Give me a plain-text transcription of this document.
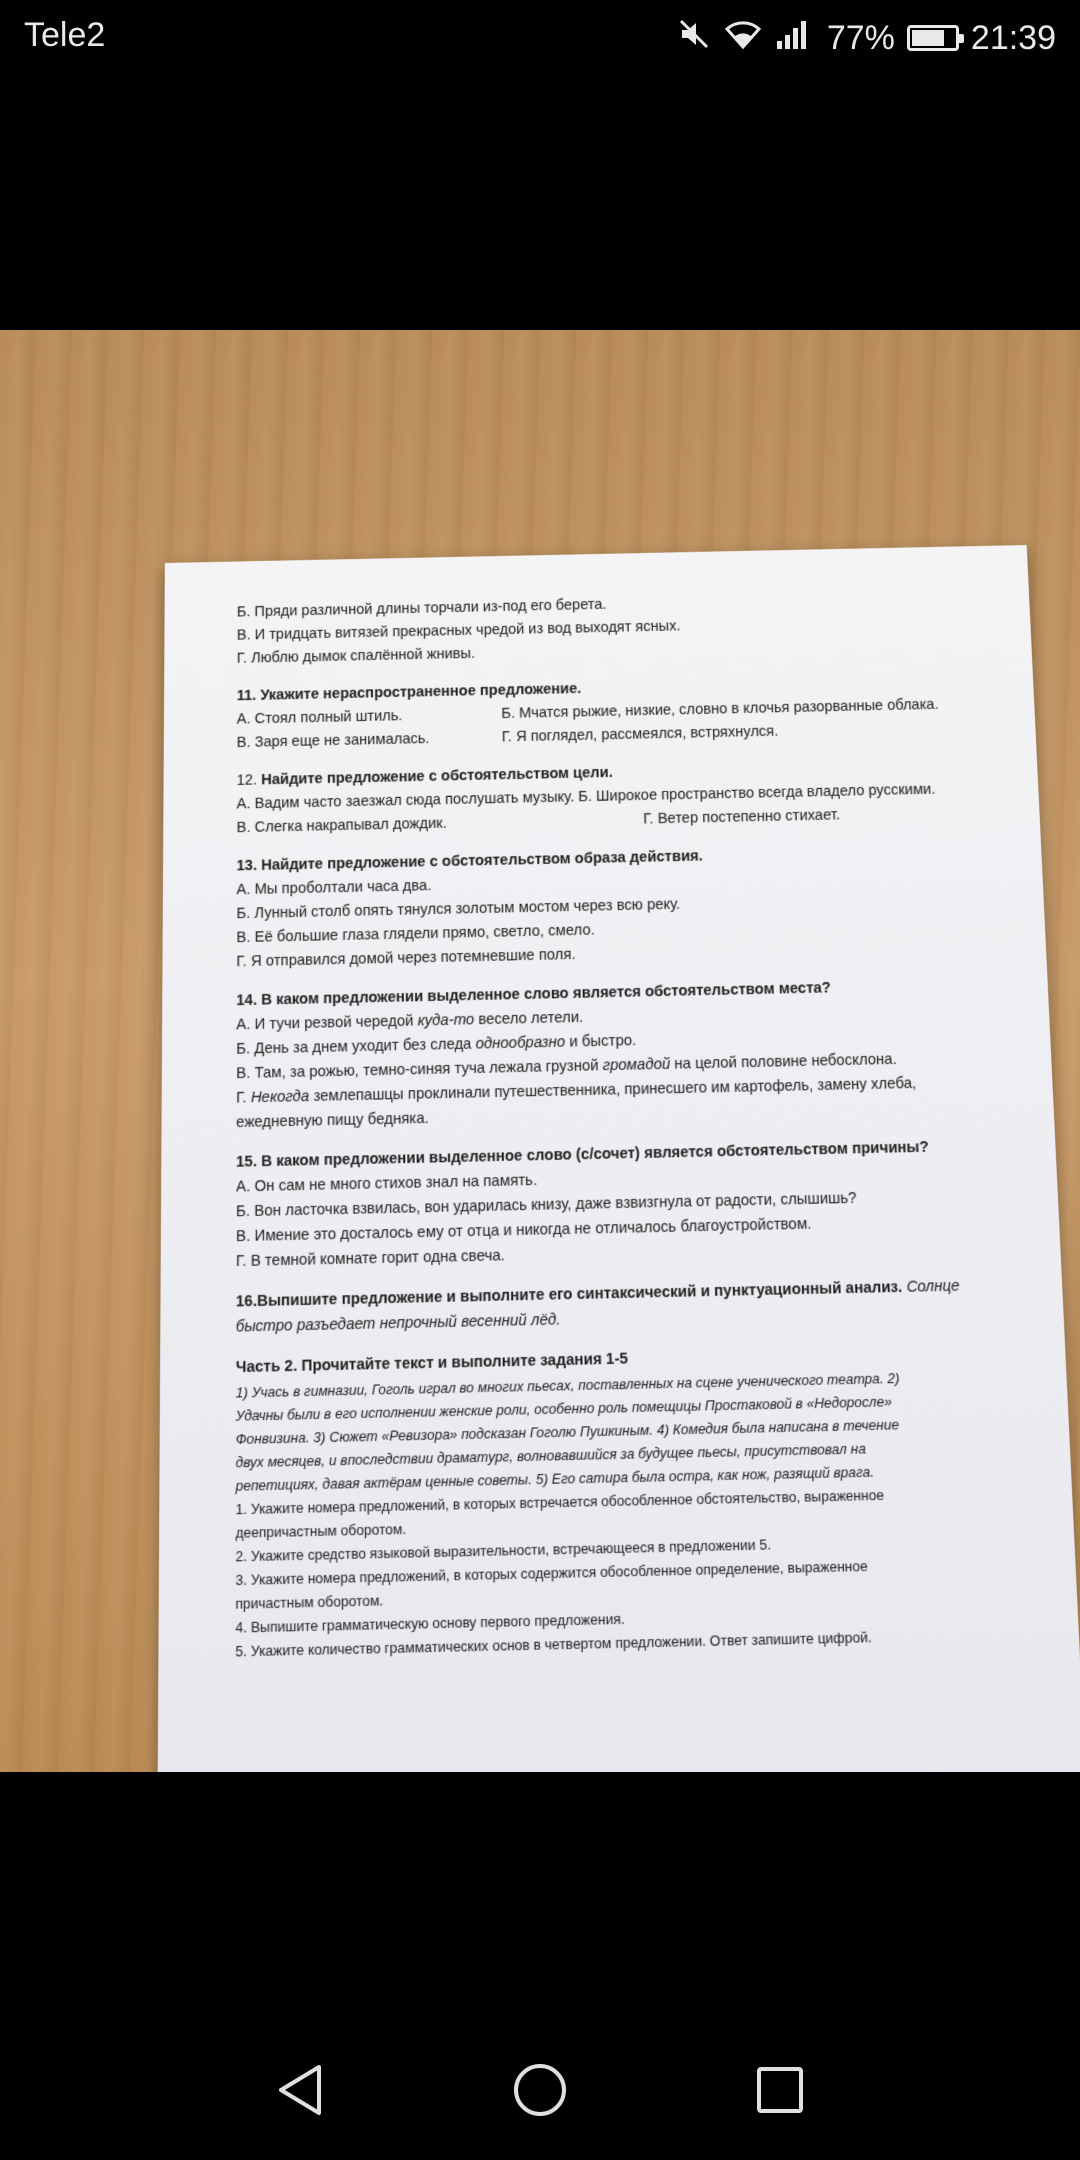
Tele2	77% 21:39
Б. Пряди различной длины торчали из-под его берета.
В. И тридцать витязей прекрасных чредой из вод выходят ясных.
Г. Люблю дымок спалённой жнивы.
11. Укажите нераспространенное предложение.
А. Стоял полный штиль.	Б. Мчатся рыжие, низкие, словно в клочья разорванные облака.
В. Заря еще не занималась.	Г. Я поглядел, рассмеялся, встряхнулся.
12. Найдите предложение с обстоятельством цели.
А. Вадим часто заезжал сюда послушать музыку. Б. Широкое пространство всегда владело русскими.
В. Слегка накрапывал дождик.	Г. Ветер постепенно стихает.
13. Найдите предложение с обстоятельством образа действия.
А. Мы проболтали часа два.
Б. Лунный столб опять тянулся золотым мостом через всю реку.
В. Её большие глаза глядели прямо, светло, смело.
Г. Я отправился домой через потемневшие поля.
14. В каком предложении выделенное слово является обстоятельством места?
А. И тучи резвой чередой куда-то весело летели.
Б. День за днем уходит без следа однообразно и быстро.
В. Там, за рожью, темно-синяя туча лежала грузной громадой на целой половине небосклона.
Г. Некогда землепашцы проклинали путешественника, принесшего им картофель, замену хлеба,
ежедневную пищу бедняка.
15. В каком предложении выделенное слово (с/сочет) является обстоятельством причины?
А. Он сам не много стихов знал на память.
Б. Вон ласточка взвилась, вон ударилась книзу, даже взвизгнула от радости, слышишь?
В. Имение это досталось ему от отца и никогда не отличалось благоустройством.
Г. В темной комнате горит одна свеча.
16.Выпишите предложение и выполните его синтаксический и пунктуационный анализ. Солнце
быстро разъедает непрочный весенний лёд.
Часть 2. Прочитайте текст и выполните задания 1-5
1) Учась в гимназии, Гоголь играл во многих пьесах, поставленных на сцене ученического театра. 2)
Удачны были в его исполнении женские роли, особенно роль помещицы Простаковой в «Недоросле»
Фонвизина. 3) Сюжет «Ревизора» подсказан Гоголю Пушкиным. 4) Комедия была написана в течение
двух месяцев, и впоследствии драматург, волновавшийся за будущее пьесы, присутствовал на
репетициях, давая актёрам ценные советы. 5) Его сатира была остра, как нож, разящий врага.
1. Укажите номера предложений, в которых встречается обособленное обстоятельство, выраженное
деепричастным оборотом.
2. Укажите средство языковой выразительности, встречающееся в предложении 5.
3. Укажите номера предложений, в которых содержится обособленное определение, выраженное
причастным оборотом.
4. Выпишите грамматическую основу первого предложения.
5. Укажите количество грамматических основ в четвертом предложении. Ответ запишите цифрой.
